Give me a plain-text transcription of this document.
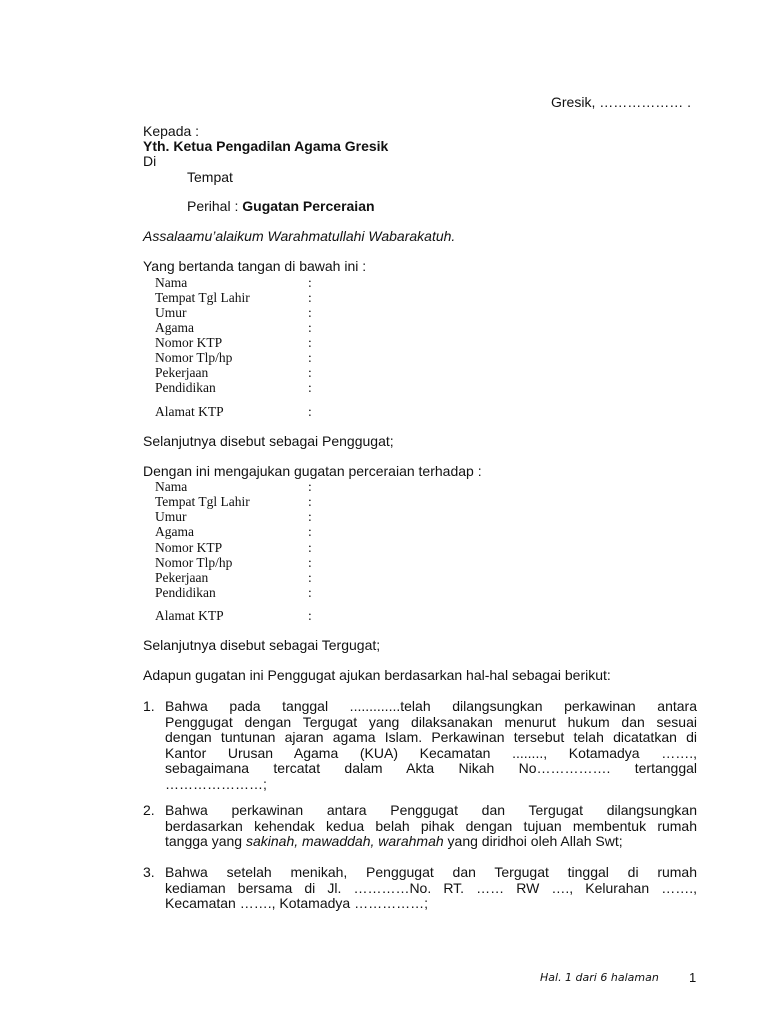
Gresik, ……………… .
Kepada :
Yth. Ketua Pengadilan Agama Gresik
Di
Tempat
Perihal : Gugatan Perceraian
Assalaamu’alaikum Warahmatullahi Wabarakatuh.
Yang bertanda tangan di bawah ini :
Nama	:
Tempat Tgl Lahir	:
Umur	:
Agama	:
Nomor KTP	:
Nomor Tlp/hp	:
Pekerjaan	:
Pendidikan	:
Alamat KTP	:
Selanjutnya disebut sebagai Penggugat;
Dengan ini mengajukan gugatan perceraian terhadap :
Nama	:
Tempat Tgl Lahir	:
Umur	:
Agama	:
Nomor KTP	:
Nomor Tlp/hp	:
Pekerjaan	:
Pendidikan	:
Alamat KTP	:
Selanjutnya disebut sebagai Tergugat;
Adapun gugatan ini Penggugat ajukan berdasarkan hal-hal sebagai berikut:
1. Bahwa pada tanggal .............telah dilangsungkan perkawinan antara
Penggugat dengan Tergugat yang dilaksanakan menurut hukum dan sesuai
dengan tuntunan ajaran agama Islam. Perkawinan tersebut telah dicatatkan di
Kantor Urusan Agama (KUA) Kecamatan ........, Kotamadya …….,
sebagaimana tercatat dalam Akta Nikah No……………. tertanggal
…………………;
2. Bahwa perkawinan antara Penggugat dan Tergugat dilangsungkan
berdasarkan kehendak kedua belah pihak dengan tujuan membentuk rumah
tangga yang sakinah, mawaddah, warahmah yang diridhoi oleh Allah Swt;
3. Bahwa setelah menikah, Penggugat dan Tergugat tinggal di rumah
kediaman bersama di Jl. …………No. RT. …… RW …., Kelurahan …….,
Kecamatan ……., Kotamadya ……………;
Hal. 1 dari 6 halaman 1
